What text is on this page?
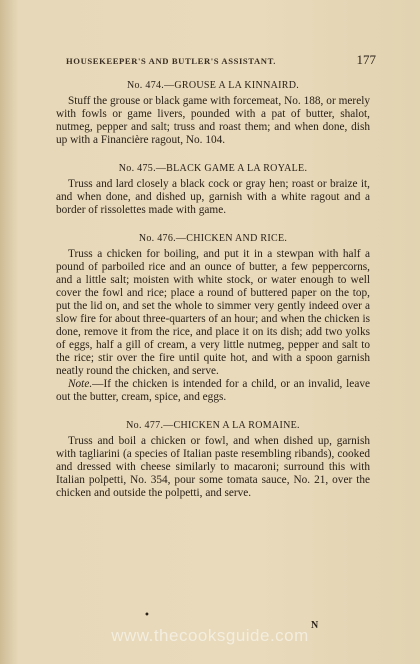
HOUSEKEEPER'S AND BUTLER'S ASSISTANT.	177

No. 474.—GROUSE A LA KINNAIRD.

Stuff the grouse or black game with forcemeat, No. 188, or merely with fowls or game livers, pounded with a pat of butter, shalot, nutmeg, pepper and salt; truss and roast them; and when done, dish up with a Financière ragout, No. 104.

No. 475.—BLACK GAME A LA ROYALE.

Truss and lard closely a black cock or gray hen; roast or braize it, and when done, and dished up, garnish with a white ragout and a border of rissolettes made with game.

No. 476.—CHICKEN AND RICE.

Truss a chicken for boiling, and put it in a stewpan with half a pound of parboiled rice and an ounce of butter, a few peppercorns, and a little salt; moisten with white stock, or water enough to well cover the fowl and rice; place a round of buttered paper on the top, put the lid on, and set the whole to simmer very gently indeed over a slow fire for about three-quarters of an hour; and when the chicken is done, remove it from the rice, and place it on its dish; add two yolks of eggs, half a gill of cream, a very little nutmeg, pepper and salt to the rice; stir over the fire until quite hot, and with a spoon garnish neatly round the chicken, and serve.

Note.—If the chicken is intended for a child, or an invalid, leave out the butter, cream, spice, and eggs.

No. 477.—CHICKEN A LA ROMAINE.

Truss and boil a chicken or fowl, and when dished up, garnish with tagliarini (a species of Italian paste resembling ribands), cooked and dressed with cheese similarly to macaroni; surround this with Italian polpetti, No. 354, pour some tomata sauce, No. 21, over the chicken and outside the polpetti, and serve.

•
N
www.thecooksguide.com
